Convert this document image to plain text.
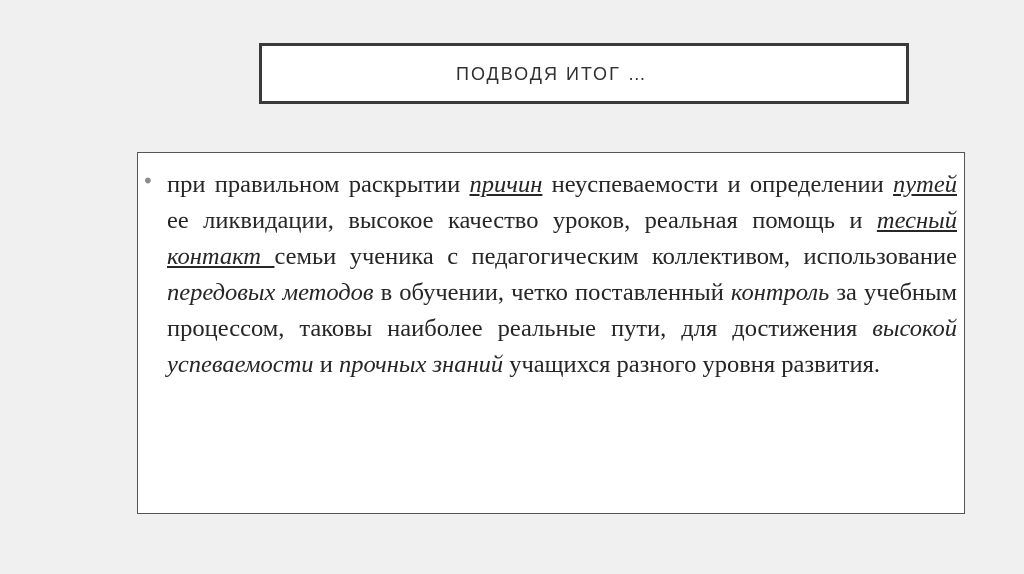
ПОДВОДЯ ИТОГ …
• при правильном раскрытии причин неуспеваемости и определении путей ее ликвидации, высокое качество уроков, реальная помощь и тесный контакт семьи ученика с педагогическим коллективом, использование передовых методов в обучении, четко поставленный контроль за учебным процессом, таковы наиболее реальные пути, для достижения высокой успеваемости и прочных знаний учащихся разного уровня развития.
